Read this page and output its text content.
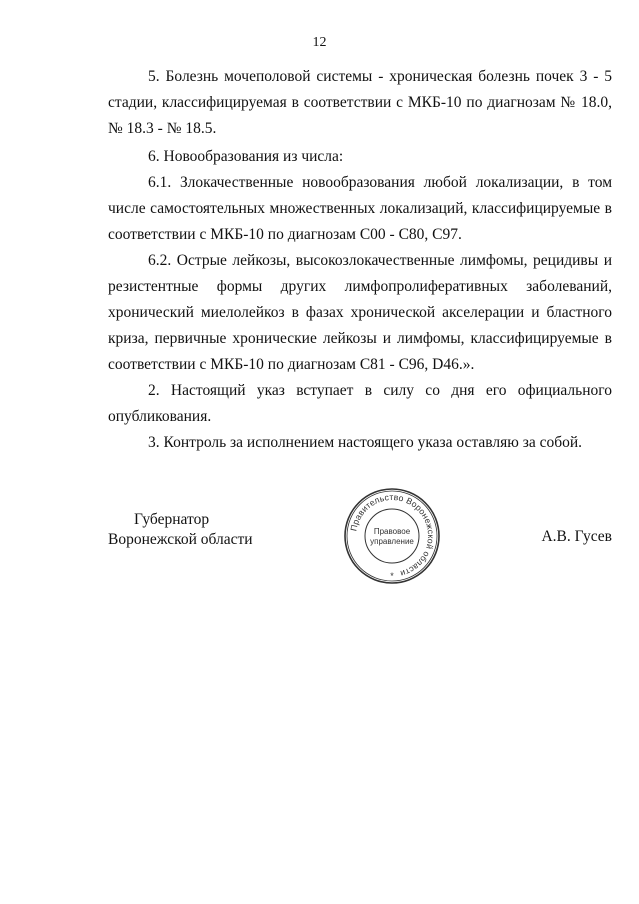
12

5. Болезнь мочеполовой системы - хроническая болезнь почек 3 - 5 стадии, классифицируемая в соответствии с МКБ-10 по диагнозам № 18.0, № 18.3 - № 18.5.

6. Новообразования из числа:

6.1. Злокачественные новообразования любой локализации, в том числе самостоятельных множественных локализаций, классифицируемые в соответствии с МКБ-10 по диагнозам С00 - С80, С97.

6.2. Острые лейкозы, высокозлокачественные лимфомы, рецидивы и резистентные формы других лимфопролиферативных заболеваний, хронический миелолейкоз в фазах хронической акселерации и бластного криза, первичные хронические лейкозы и лимфомы, классифицируемые в соответствии с МКБ-10 по диагнозам С81 - С96, D46.».

2. Настоящий указ вступает в силу со дня его официального опубликования.

3. Контроль за исполнением настоящего указа оставляю за собой.

Губернатор
Воронежской области
Правительство Воронежской области
Правовое
управление
*
А.В. Гусев
